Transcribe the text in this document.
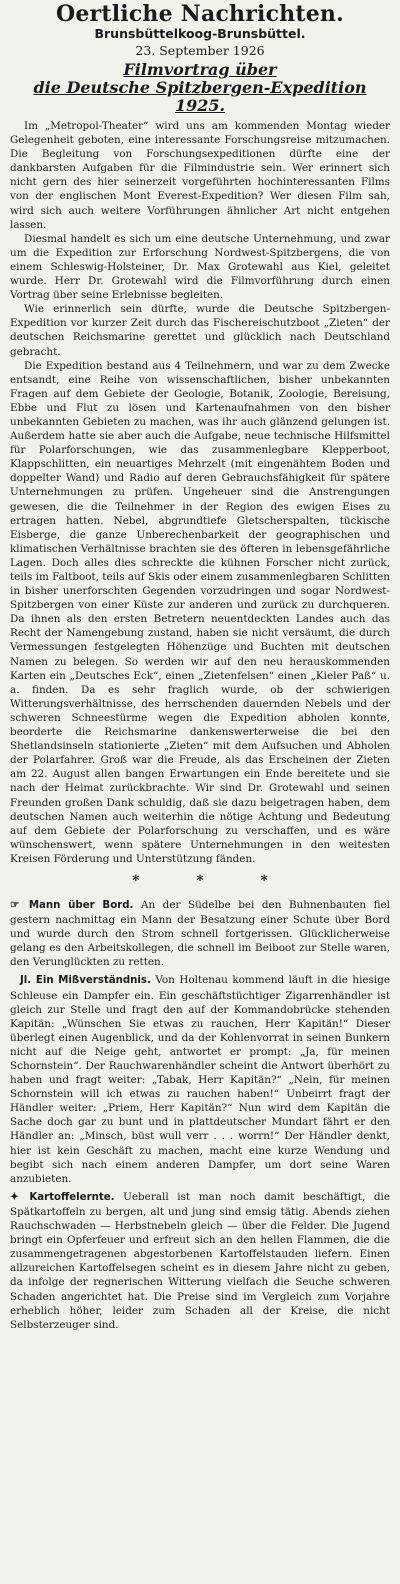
Oertliche Nachrichten.
Brunsbüttelkoog-Brunsbüttel.
23. September 1926
Filmvortrag über
die Deutsche Spitzbergen-Expedition 1925.

Im „Metropol-Theater“ wird uns am kommenden Montag wieder Gelegenheit geboten, eine interessante Forschungsreise mitzumachen. Die Begleitung von Forschungsexpeditionen dürfte eine der dankbarsten Aufgaben für die Filmindustrie sein. Wer erinnert sich nicht gern des hier seinerzeit vorgeführten hochinteressanten Films von der englischen Mont Everest-Expedition? Wer diesen Film sah, wird sich auch weitere Vorführungen ähnlicher Art nicht entgehen lassen.

Diesmal handelt es sich um eine deutsche Unternehmung, und zwar um die Expedition zur Erforschung Nordwest-Spitzbergens, die von einem Schleswig-Holsteiner, Dr. Max Grotewahl aus Kiel, geleitet wurde. Herr Dr. Grotewahl wird die Filmvorführung durch einen Vortrag über seine Erlebnisse begleiten.

Wie erinnerlich sein dürfte, wurde die Deutsche Spitzbergen-Expedition vor kurzer Zeit durch das Fischereischutzboot „Zieten“ der deutschen Reichsmarine gerettet und glücklich nach Deutschland gebracht.

Die Expedition bestand aus 4 Teilnehmern, und war zu dem Zwecke entsandt, eine Reihe von wissenschaftlichen, bisher unbekannten Fragen auf dem Gebiete der Geologie, Botanik, Zoologie, Bereisung, Ebbe und Flut zu lösen und Kartenaufnahmen von den bisher unbekannten Gebieten zu machen, was ihr auch glänzend gelungen ist. Außerdem hatte sie aber auch die Aufgabe, neue technische Hilfsmittel für Polarforschungen, wie das zusammenlegbare Klepperboot, Klappschlitten, ein neuartiges Mehrzelt (mit eingenähtem Boden und doppelter Wand) und Radio auf deren Gebrauchsfähigkeit für spätere Unternehmungen zu prüfen. Ungeheuer sind die Anstrengungen gewesen, die die Teilnehmer in der Region des ewigen Eises zu ertragen hatten. Nebel, abgrundtiefe Gletscherspalten, tückische Eisberge, die ganze Unberechenbarkeit der geographischen und klimatischen Verhältnisse brachten sie des öfteren in lebensgefährliche Lagen. Doch alles dies schreckte die kühnen Forscher nicht zurück, teils im Faltboot, teils auf Skis oder einem zusammenlegbaren Schlitten in bisher unerforschten Gegenden vorzudringen und sogar Nordwest-Spitzbergen von einer Küste zur anderen und zurück zu durchqueren. Da ihnen als den ersten Betretern neuentdeckten Landes auch das Recht der Namengebung zustand, haben sie nicht versäumt, die durch Vermessungen festgelegten Höhenzüge und Buchten mit deutschen Namen zu belegen. So werden wir auf den neu herauskommenden Karten ein „Deutsches Eck“, einen „Zietenfelsen“ einen „Kieler Paß“ u. a. finden. Da es sehr fraglich wurde, ob der schwierigen Witterungsverhältnisse, des herrschenden dauernden Nebels und der schweren Schneestürme wegen die Expedition abholen konnte, beorderte die Reichsmarine dankenswerterweise die bei den Shetlandsinseln stationierte „Zieten“ mit dem Aufsuchen und Abholen der Polarfahrer. Groß war die Freude, als das Erscheinen der Zieten am 22. August allen bangen Erwartungen ein Ende bereitete und sie nach der Heimat zurückbrachte. Wir sind Dr. Grotewahl und seinen Freunden großen Dank schuldig, daß sie dazu beigetragen haben, dem deutschen Namen auch weiterhin die nötige Achtung und Bedeutung auf dem Gebiete der Polarforschung zu verschaffen, und es wäre wünschenswert, wenn spätere Unternehmungen in den weitesten Kreisen Förderung und Unterstützung fänden.

* * *

☞ Mann über Bord. An der Südelbe bei den Buhnenbauten fiel gestern nachmittag ein Mann der Besatzung einer Schute über Bord und wurde durch den Strom schnell fortgerissen. Glücklicherweise gelang es den Arbeitskollegen, die schnell im Beiboot zur Stelle waren, den Verunglückten zu retten.

Jl. Ein Mißverständnis. Von Holtenau kommend läuft in die hiesige Schleuse ein Dampfer ein. Ein geschäftstüchtiger Zigarrenhändler ist gleich zur Stelle und fragt den auf der Kommandobrücke stehenden Kapitän: „Wünschen Sie etwas zu rauchen, Herr Kapitän!“ Dieser überlegt einen Augenblick, und da der Kohlenvorrat in seinen Bunkern nicht auf die Neige geht, antwortet er prompt: „Ja, für meinen Schornstein“. Der Rauchwarenhändler scheint die Antwort überhört zu haben und fragt weiter: „Tabak, Herr Kapitän?“ „Nein, für meinen Schornstein will ich etwas zu rauchen haben!“ Unbeirrt fragt der Händler weiter: „Priem, Herr Kapitän?“ Nun wird dem Kapitän die Sache doch gar zu bunt und in plattdeutscher Mundart fährt er den Händler an: „Minsch, büst wull verr . . . worrn!“ Der Händler denkt, hier ist kein Geschäft zu machen, macht eine kurze Wendung und begibt sich nach einem anderen Dampfer, um dort seine Waren anzubieten.

✦ Kartoffelernte. Ueberall ist man noch damit beschäftigt, die Spätkartoffeln zu bergen, alt und jung sind emsig tätig. Abends ziehen Rauchschwaden — Herbstnebeln gleich — über die Felder. Die Jugend bringt ein Opferfeuer und erfreut sich an den hellen Flammen, die die zusammengetragenen abgestorbenen Kartoffelstauden liefern. Einen allzureichen Kartoffelsegen scheint es in diesem Jahre nicht zu geben, da infolge der regnerischen Witterung vielfach die Seuche schweren Schaden angerichtet hat. Die Preise sind im Vergleich zum Vorjahre erheblich höher, leider zum Schaden all der Kreise, die nicht Selbsterzeuger sind.
